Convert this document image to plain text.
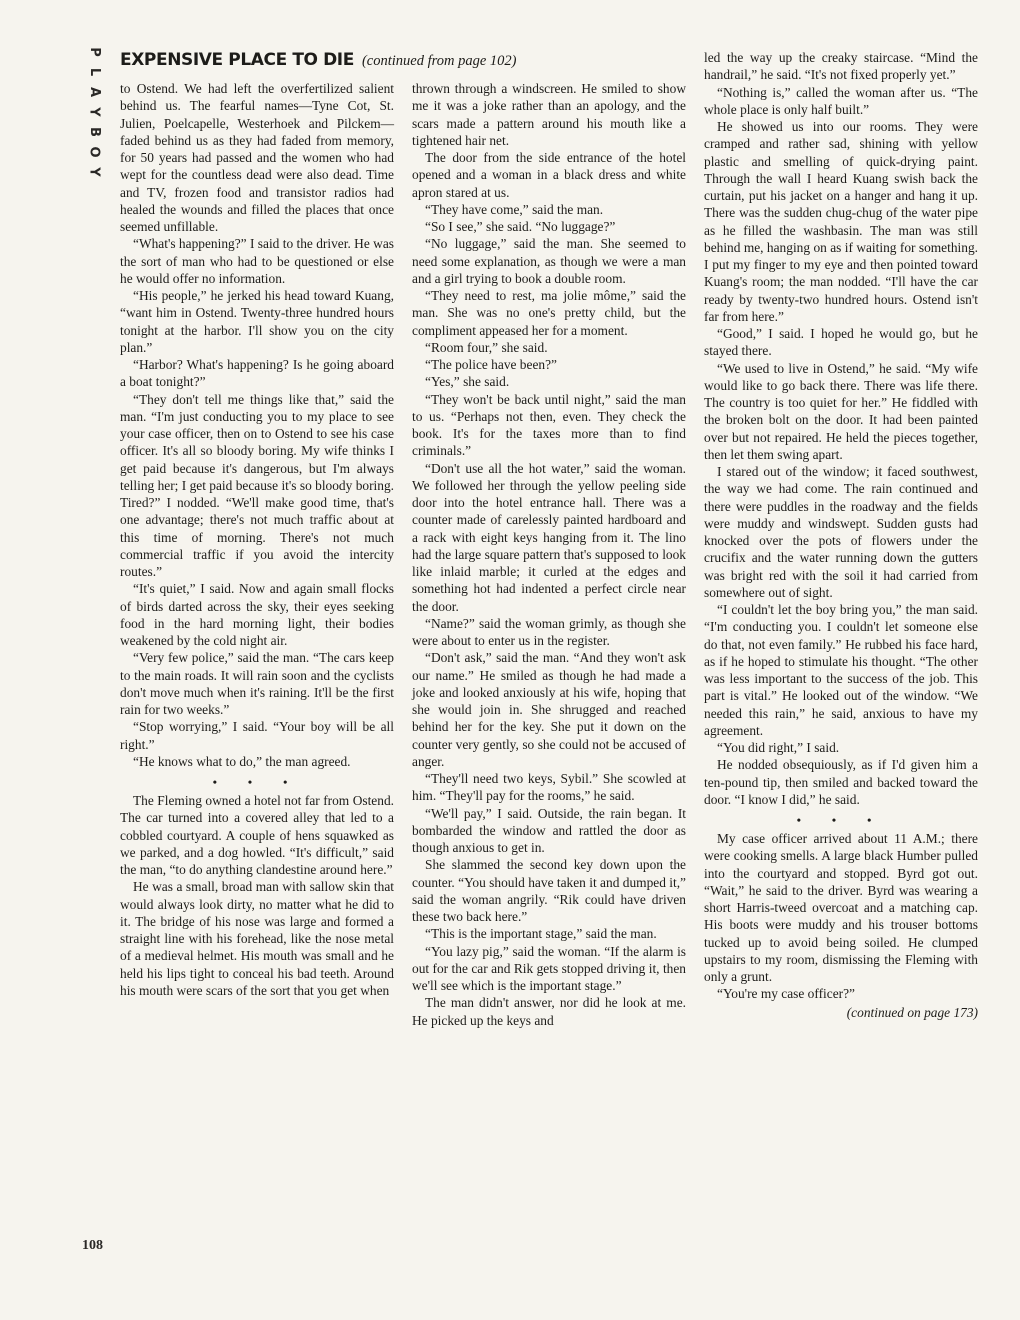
P
L
A
Y
B
O
Y
EXPENSIVE PLACE TO DIE (continued from page 102)

to Ostend. We had left the overfertilized salient behind us. The fearful names—Tyne Cot, St. Julien, Poelcapelle, Westerhoek and Pilckem—faded behind us as they had faded from memory, for 50 years had passed and the women who had wept for the countless dead were also dead. Time and TV, frozen food and transistor radios had healed the wounds and filled the places that once seemed unfillable.

“What's happening?” I said to the driver. He was the sort of man who had to be questioned or else he would offer no information.

“His people,” he jerked his head toward Kuang, “want him in Ostend. Twenty-three hundred hours tonight at the harbor. I'll show you on the city plan.”

“Harbor? What's happening? Is he going aboard a boat tonight?”

“They don't tell me things like that,” said the man. “I'm just conducting you to my place to see your case officer, then on to Ostend to see his case officer. It's all so bloody boring. My wife thinks I get paid because it's dangerous, but I'm always telling her; I get paid because it's so bloody boring. Tired?” I nodded. “We'll make good time, that's one advantage; there's not much traffic about at this time of morning. There's not much commercial traffic if you avoid the intercity routes.”

“It's quiet,” I said. Now and again small flocks of birds darted across the sky, their eyes seeking food in the hard morning light, their bodies weakened by the cold night air.

“Very few police,” said the man. “The cars keep to the main roads. It will rain soon and the cyclists don't move much when it's raining. It'll be the first rain for two weeks.”

“Stop worrying,” I said. “Your boy will be all right.”

“He knows what to do,” the man agreed.

• • •

The Fleming owned a hotel not far from Ostend. The car turned into a covered alley that led to a cobbled courtyard. A couple of hens squawked as we parked, and a dog howled. “It's difficult,” said the man, “to do anything clandestine around here.”

He was a small, broad man with sallow skin that would always look dirty, no matter what he did to it. The bridge of his nose was large and formed a straight line with his forehead, like the nose metal of a medieval helmet. His mouth was small and he held his lips tight to conceal his bad teeth. Around his mouth were scars of the sort that you get when

thrown through a windscreen. He smiled to show me it was a joke rather than an apology, and the scars made a pattern around his mouth like a tightened hair net.

The door from the side entrance of the hotel opened and a woman in a black dress and white apron stared at us.

“They have come,” said the man.

“So I see,” she said. “No luggage?”

“No luggage,” said the man. She seemed to need some explanation, as though we were a man and a girl trying to book a double room.

“They need to rest, ma jolie môme,” said the man. She was no one's pretty child, but the compliment appeased her for a moment.

“Room four,” she said.

“The police have been?”

“Yes,” she said.

“They won't be back until night,” said the man to us. “Perhaps not then, even. They check the book. It's for the taxes more than to find criminals.”

“Don't use all the hot water,” said the woman. We followed her through the yellow peeling side door into the hotel entrance hall. There was a counter made of carelessly painted hardboard and a rack with eight keys hanging from it. The lino had the large square pattern that's supposed to look like inlaid marble; it curled at the edges and something hot had indented a perfect circle near the door.

“Name?” said the woman grimly, as though she were about to enter us in the register.

“Don't ask,” said the man. “And they won't ask our name.” He smiled as though he had made a joke and looked anxiously at his wife, hoping that she would join in. She shrugged and reached behind her for the key. She put it down on the counter very gently, so she could not be accused of anger.

“They'll need two keys, Sybil.” She scowled at him. “They'll pay for the rooms,” he said.

“We'll pay,” I said. Outside, the rain began. It bombarded the window and rattled the door as though anxious to get in.

She slammed the second key down upon the counter. “You should have taken it and dumped it,” said the woman angrily. “Rik could have driven these two back here.”

“This is the important stage,” said the man.

“You lazy pig,” said the woman. “If the alarm is out for the car and Rik gets stopped driving it, then we'll see which is the important stage.”

The man didn't answer, nor did he look at me. He picked up the keys and

led the way up the creaky staircase. “Mind the handrail,” he said. “It's not fixed properly yet.”

“Nothing is,” called the woman after us. “The whole place is only half built.”

He showed us into our rooms. They were cramped and rather sad, shining with yellow plastic and smelling of quick-drying paint. Through the wall I heard Kuang swish back the curtain, put his jacket on a hanger and hang it up. There was the sudden chug-chug of the water pipe as he filled the washbasin. The man was still behind me, hanging on as if waiting for something. I put my finger to my eye and then pointed toward Kuang's room; the man nodded. “I'll have the car ready by twenty-two hundred hours. Ostend isn't far from here.”

“Good,” I said. I hoped he would go, but he stayed there.

“We used to live in Ostend,” he said. “My wife would like to go back there. There was life there. The country is too quiet for her.” He fiddled with the broken bolt on the door. It had been painted over but not repaired. He held the pieces together, then let them swing apart.

I stared out of the window; it faced southwest, the way we had come. The rain continued and there were puddles in the roadway and the fields were muddy and windswept. Sudden gusts had knocked over the pots of flowers under the crucifix and the water running down the gutters was bright red with the soil it had carried from somewhere out of sight.

“I couldn't let the boy bring you,” the man said. “I'm conducting you. I couldn't let someone else do that, not even family.” He rubbed his face hard, as if he hoped to stimulate his thought. “The other was less important to the success of the job. This part is vital.” He looked out of the window. “We needed this rain,” he said, anxious to have my agreement.

“You did right,” I said.

He nodded obsequiously, as if I'd given him a ten-pound tip, then smiled and backed toward the door. “I know I did,” he said.

• • •

My case officer arrived about 11 A.M.; there were cooking smells. A large black Humber pulled into the courtyard and stopped. Byrd got out. “Wait,” he said to the driver. Byrd was wearing a short Harris-tweed overcoat and a matching cap. His boots were muddy and his trouser bottoms tucked up to avoid being soiled. He clumped upstairs to my room, dismissing the Fleming with only a grunt.

“You're my case officer?”

(continued on page 173)
108
